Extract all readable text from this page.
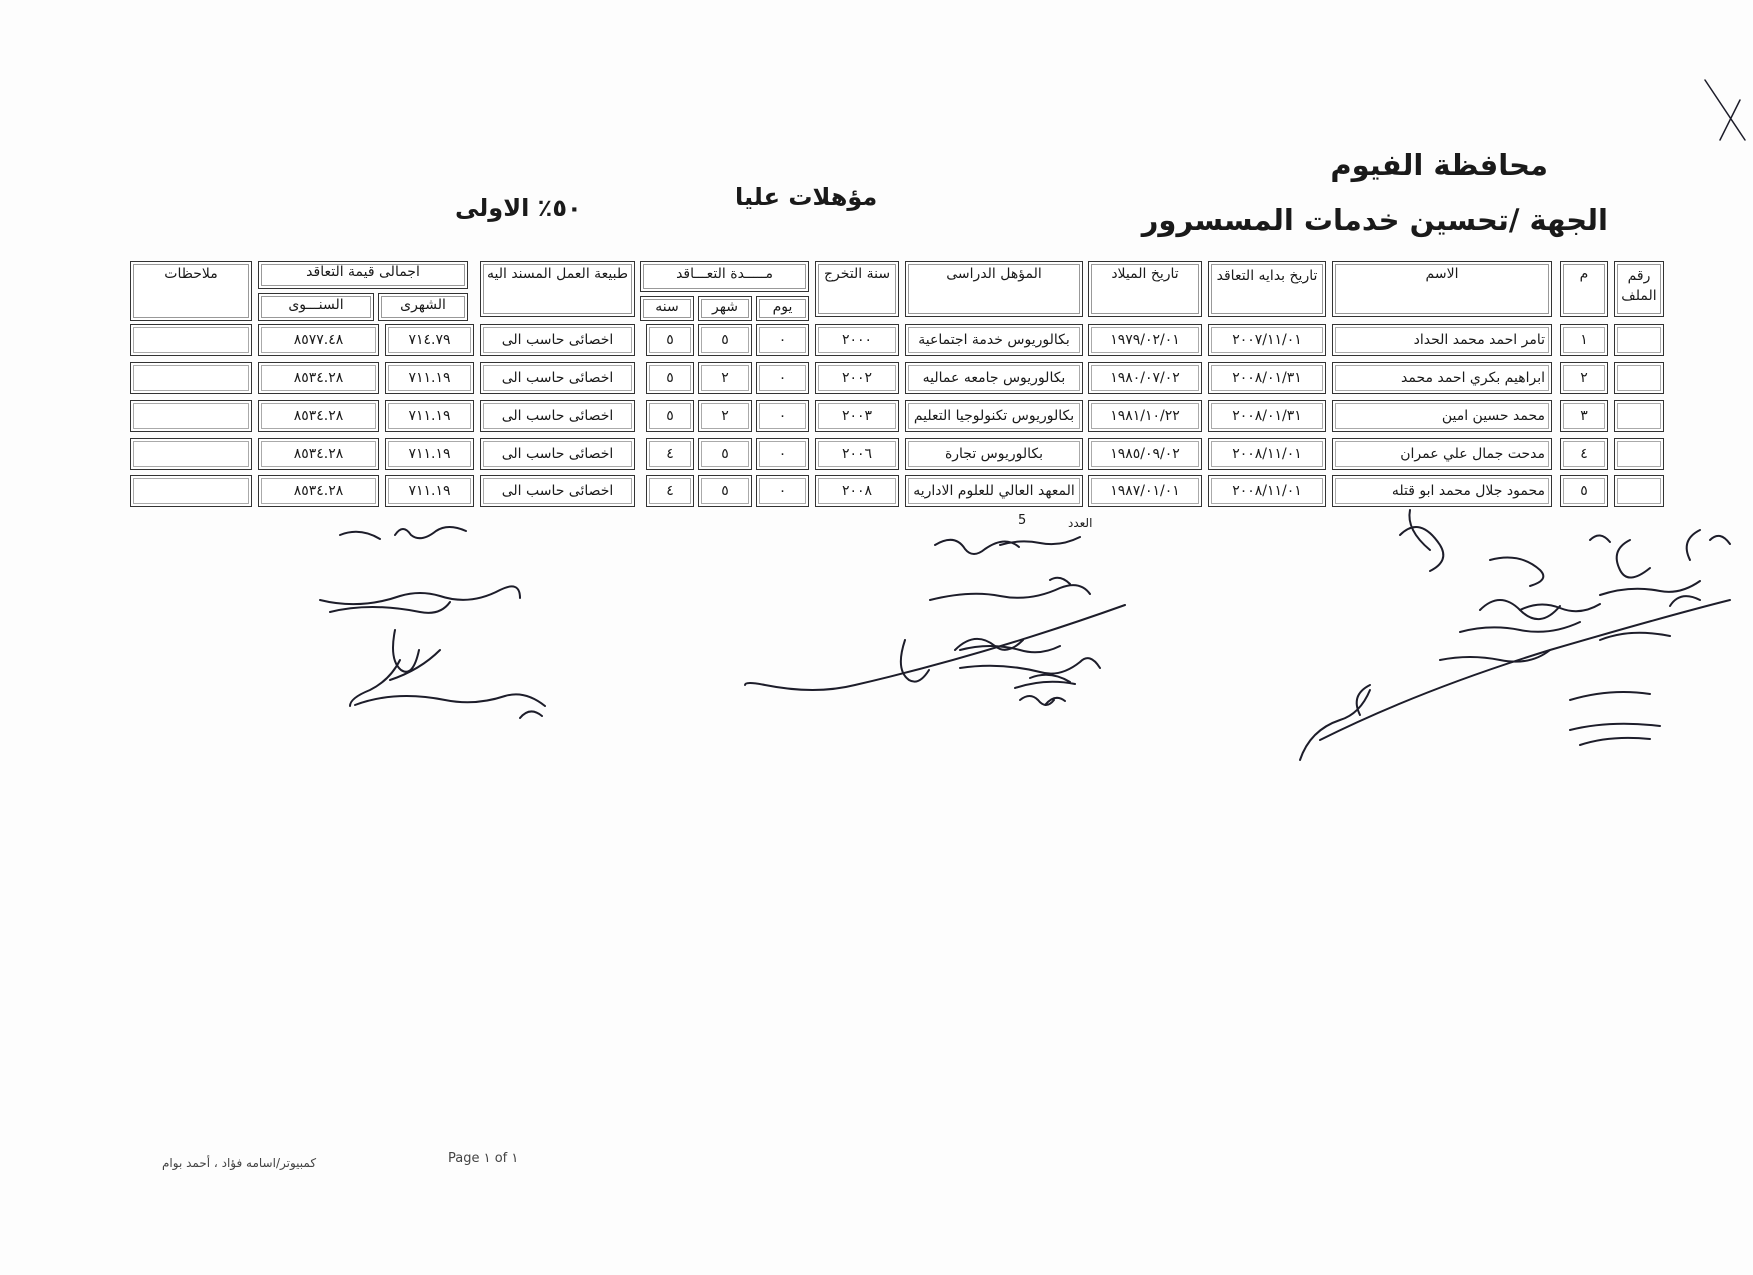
محافظة الفيوم
الجهة /تحسين خدمات المسسرور
مؤهلات عليا
٥٠٪ الاولى
رقم الملف
م
الاسم
تاريخ بدايه التعاقد
تاريخ الميلاد
المؤهل الدراسى
سنة التخرج
مـــــدة التعـــاقد
يوم
شهر
سنه
طبيعة العمل المسند اليه
اجمالى قيمة التعاقد
الشهرى
السنـــوى
ملاحظات
١
تامر احمد محمد الحداد
٢٠٠٧/١١/٠١
١٩٧٩/٠٢/٠١
بكالوريوس خدمة اجتماعية
٢٠٠٠
٠
٥
٥
اخصائى حاسب الى
٧١٤.٧٩
٨٥٧٧.٤٨
٢
ابراهيم بكري احمد محمد
٢٠٠٨/٠١/٣١
١٩٨٠/٠٧/٠٢
بكالوريوس جامعه عماليه
٢٠٠٢
٠
٢
٥
اخصائى حاسب الى
٧١١.١٩
٨٥٣٤.٢٨
٣
محمد حسين امين
٢٠٠٨/٠١/٣١
١٩٨١/١٠/٢٢
بكالوريوس تكنولوجيا التعليم
٢٠٠٣
٠
٢
٥
اخصائى حاسب الى
٧١١.١٩
٨٥٣٤.٢٨
٤
مدحت جمال علي عمران
٢٠٠٨/١١/٠١
١٩٨٥/٠٩/٠٢
بكالوريوس تجارة
٢٠٠٦
٠
٥
٤
اخصائى حاسب الى
٧١١.١٩
٨٥٣٤.٢٨
٥
محمود جلال محمد ابو قتله
٢٠٠٨/١١/٠١
١٩٨٧/٠١/٠١
المعهد العالي للعلوم الاداريه
٢٠٠٨
٠
٥
٤
اخصائى حاسب الى
٧١١.١٩
٨٥٣٤.٢٨
العدد
5
Page ١ of ١
كمبيوتر/اسامه فؤاد ، أحمد بوام
